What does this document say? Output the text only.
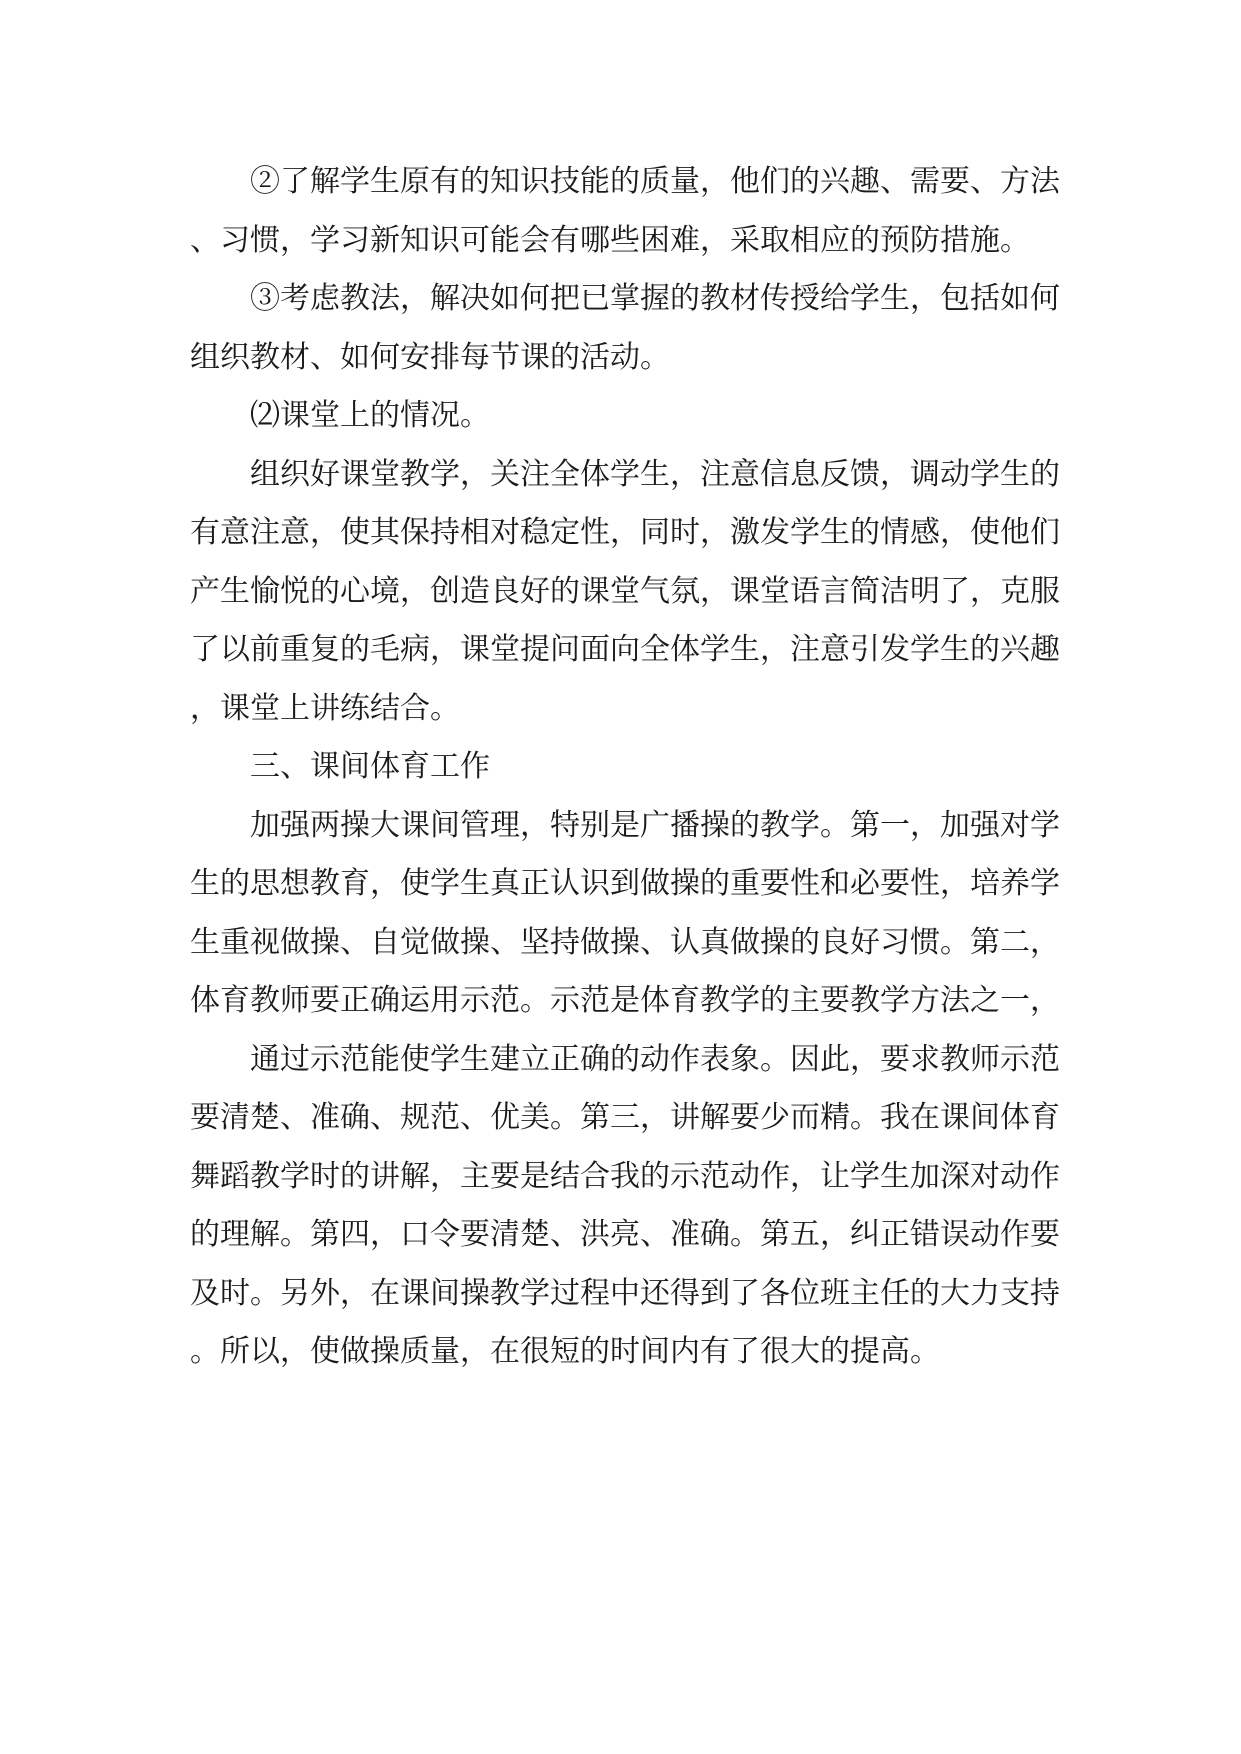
②了解学生原有的知识技能的质量，他们的兴趣、需要、方法、习惯，学习新知识可能会有哪些困难，采取相应的预防措施。

③考虑教法，解决如何把已掌握的教材传授给学生，包括如何组织教材、如何安排每节课的活动。

⑵课堂上的情况。

组织好课堂教学，关注全体学生，注意信息反馈，调动学生的有意注意，使其保持相对稳定性，同时，激发学生的情感，使他们产生愉悦的心境，创造良好的课堂气氛，课堂语言简洁明了，克服了以前重复的毛病，课堂提问面向全体学生，注意引发学生的兴趣，课堂上讲练结合。

三、课间体育工作

加强两操大课间管理，特别是广播操的教学。第一，加强对学生的思想教育，使学生真正认识到做操的重要性和必要性，培养学生重视做操、自觉做操、坚持做操、认真做操的良好习惯。第二，体育教师要正确运用示范。示范是体育教学的主要教学方法之一，

通过示范能使学生建立正确的动作表象。因此，要求教师示范要清楚、准确、规范、优美。第三，讲解要少而精。我在课间体育舞蹈教学时的讲解，主要是结合我的示范动作，让学生加深对动作的理解。第四，口令要清楚、洪亮、准确。第五，纠正错误动作要及时。另外，在课间操教学过程中还得到了各位班主任的大力支持。所以，使做操质量，在很短的时间内有了很大的提高。
